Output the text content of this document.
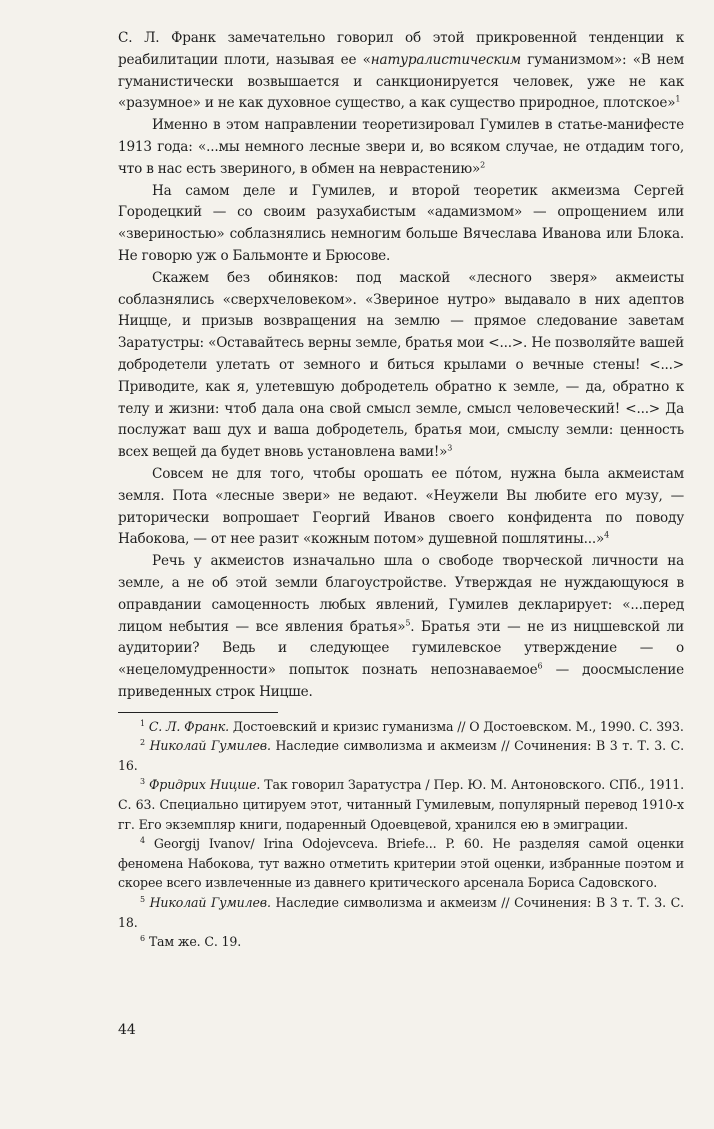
С. Л. Франк замечательно говорил об этой прикровенной тенденции к реабилитации плоти, называя ее «натуралистическим гуманизмом»: «В нем гуманистически возвышается и санкционируется человек, уже не как «разумное» и не как духовное существо, а как существо природное, плотское»$^1$

Именно в этом направлении теоретизировал Гумилев в статье-манифесте 1913 года: «...мы немного лесные звери и, во всяком случае, не отдадим того, что в нас есть звериного, в обмен на неврастению»$^2$

На самом деле и Гумилев, и второй теоретик акмеизма Сергей Городецкий — со своим разухабистым «адамизмом» — опрощением или «звериностью» соблазнялись немногим больше Вячеслава Иванова или Блока. Не говорю уж о Бальмонте и Брюсове.

Скажем без обиняков: под маской «лесного зверя» акмеисты соблазнялись «сверхчеловеком». «Звериное нутро» выдавало в них адептов Ницще, и призыв возвращения на землю — прямое следование заветам Заратустры: «Оставайтесь верны земле, братья мои <...>. Не позволяйте вашей добродетели улетать от земного и биться крылами о вечные стены! <...> Приводите, как я, улетевшую добродетель обратно к земле, — да, обратно к телу и жизни: чтоб дала она свой смысл земле, смысл человеческий! <...> Да послужат ваш дух и ваша добродетель, братья мои, смыслу земли: ценность всех вещей да будет вновь установлена вами!»$^3$

Совсем не для того, чтобы орошать ее пóтом, нужна была акмеистам земля. Пота «лесные звери» не ведают. «Неужели Вы любите его музу, — риторически вопрошает Георгий Иванов своего конфидента по поводу Набокова, — от нее разит «кожным потом» душевной пошлятины...»$^4$

Речь у акмеистов изначально шла о свободе творческой личности на земле, а не об этой земли благоустройстве. Утверждая не нуждающуюся в оправдании самоценность любых явлений, Гумилев декларирует: «...перед лицом небытия — все явления братья»$^5$. Братья эти — не из ницшевской ли аудитории? Ведь и следующее гумилевское утверждение — о «нецеломудренности» попыток познать непознаваемое$^6$ — доосмысление приведенных строк Ницше.

$^1$ С. Л. Франк. Достоевский и кризис гуманизма // О Достоевском. М., 1990. С. 393.

$^2$ Николай Гумилев. Наследие символизма и акмеизм // Сочинения: В 3 т. Т. 3. С. 16.

$^3$ Фридрих Ницше. Так говорил Заратустра / Пер. Ю. М. Антоновского. СПб., 1911. С. 63. Специально цитируем этот, читанный Гумилевым, популярный перевод 1910-х гг. Его экземпляр книги, подаренный Одоевцевой, хранился ею в эмиграции.

$^4$ Georgij Ivanov/ Irina Odojevceva. Briefe... P. 60. Не разделяя самой оценки феномена Набокова, тут важно отметить критерии этой оценки, избранные поэтом и скорее всего извлеченные из давнего критического арсенала Бориса Садовского.

$^5$ Николай Гумилев. Наследие символизма и акмеизм // Сочинения: В 3 т. Т. 3. С. 18.

$^6$ Там же. С. 19.

44
